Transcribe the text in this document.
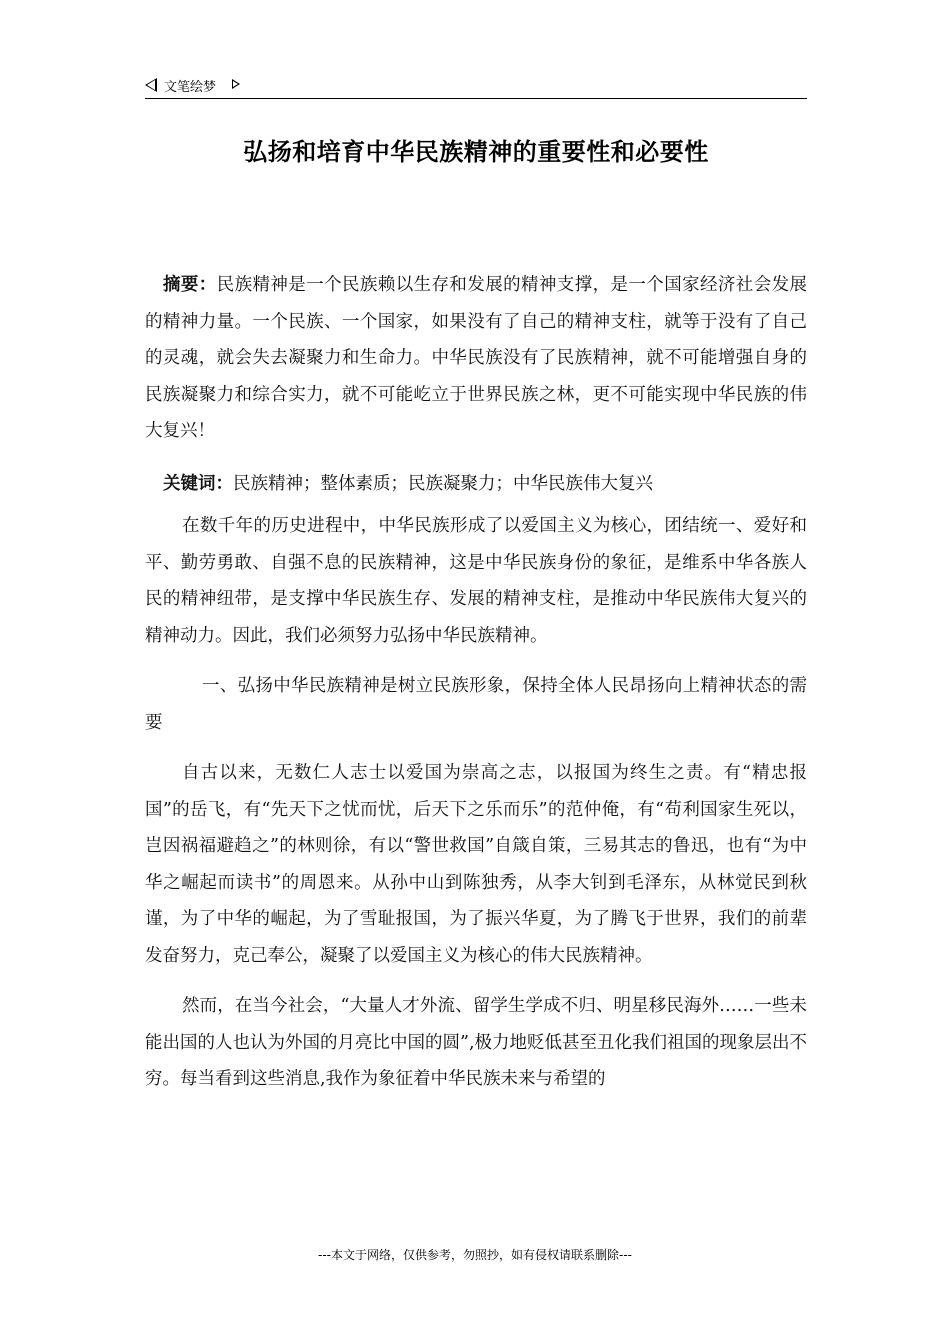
文笔绘梦
弘扬和培育中华民族精神的重要性和必要性

摘要：民族精神是一个民族赖以生存和发展的精神支撑，是一个国家经济社会发展的精神力量。一个民族、一个国家，如果没有了自己的精神支柱，就等于没有了自己的灵魂，就会失去凝聚力和生命力。中华民族没有了民族精神，就不可能增强自身的民族凝聚力和综合实力，就不可能屹立于世界民族之林，更不可能实现中华民族的伟大复兴！

关键词：民族精神；整体素质；民族凝聚力；中华民族伟大复兴

在数千年的历史进程中，中华民族形成了以爱国主义为核心，团结统一、爱好和平、勤劳勇敢、自强不息的民族精神，这是中华民族身份的象征，是维系中华各族人民的精神纽带，是支撑中华民族生存、发展的精神支柱，是推动中华民族伟大复兴的精神动力。因此，我们必须努力弘扬中华民族精神。

一、弘扬中华民族精神是树立民族形象，保持全体人民昂扬向上精神状态的需要

自古以来，无数仁人志士以爱国为崇高之志，以报国为终生之责。有“精忠报国”的岳飞，有“先天下之忧而忧，后天下之乐而乐”的范仲俺，有“苟利国家生死以，岂因祸福避趋之”的林则徐，有以“警世救国”自箴自策，三易其志的鲁迅，也有“为中华之崛起而读书”的周恩来。从孙中山到陈独秀，从李大钊到毛泽东，从林觉民到秋谨，为了中华的崛起，为了雪耻报国，为了振兴华夏，为了腾飞于世界，我们的前辈发奋努力，克己奉公，凝聚了以爱国主义为核心的伟大民族精神。

然而，在当今社会，“大量人才外流、留学生学成不归、明星移民海外……一些未能出国的人也认为外国的月亮比中国的圆”,极力地贬低甚至丑化我们祖国的现象层出不穷。每当看到这些消息,我作为象征着中华民族未来与希望的

---本文于网络，仅供参考，勿照抄，如有侵权请联系删除---
